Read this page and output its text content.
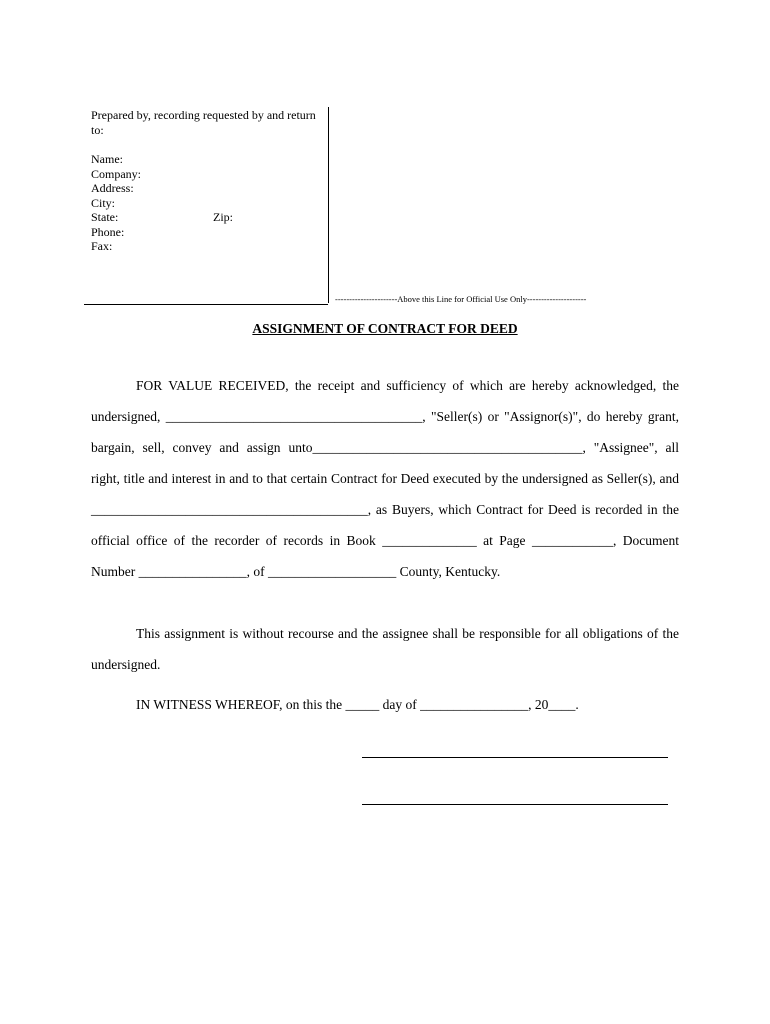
Prepared by, recording requested by and return to:
Name:
Company:
Address:
City:
State:	Zip:
Phone:
Fax:
----------------------Above this Line for Official Use Only---------------------
ASSIGNMENT OF CONTRACT FOR DEED
FOR VALUE RECEIVED, the receipt and sufficiency of which are hereby acknowledged, the undersigned, ______________________________________, "Seller(s) or "Assignor(s)", do hereby grant, bargain, sell, convey and assign unto________________________________________, "Assignee", all right, title and interest in and to that certain Contract for Deed executed by the undersigned as Seller(s), and _________________________________________, as Buyers, which Contract for Deed is recorded in the official office of the recorder of records in Book ______________ at Page ____________, Document Number ________________, of ___________________ County, Kentucky.
This assignment is without recourse and the assignee shall be responsible for all obligations of the undersigned.
IN WITNESS WHEREOF, on this the _____ day of ________________, 20____.
